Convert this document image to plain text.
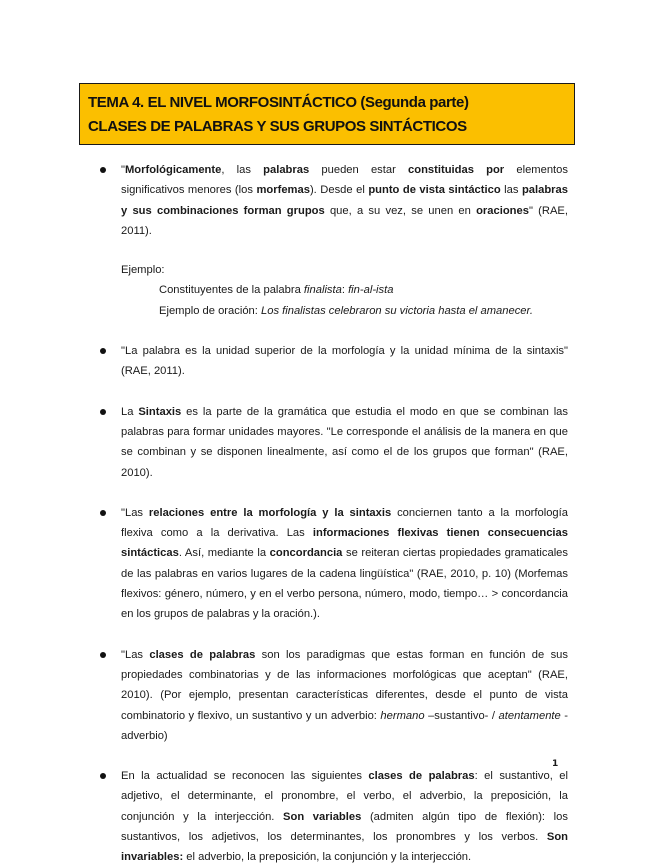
TEMA 4. EL NIVEL MORFOSINTÁCTICO (Segunda parte)
CLASES DE PALABRAS Y SUS GRUPOS SINTÁCTICOS
"Morfológicamente, las palabras pueden estar constituidas por elementos significativos menores (los morfemas). Desde el punto de vista sintáctico las palabras y sus combinaciones forman grupos que, a su vez, se unen en oraciones" (RAE, 2011).
Ejemplo:
Constituyentes de la palabra finalista: fin-al-ista
Ejemplo de oración: Los finalistas celebraron su victoria hasta el amanecer.
"La palabra es la unidad superior de la morfología y la unidad mínima de la sintaxis" (RAE, 2011).
La Sintaxis es la parte de la gramática que estudia el modo en que se combinan las palabras para formar unidades mayores. "Le corresponde el análisis de la manera en que se combinan y se disponen linealmente, así como el de los grupos que forman" (RAE, 2010).
"Las relaciones entre la morfología y la sintaxis conciernen tanto a la morfología flexiva como a la derivativa. Las informaciones flexivas tienen consecuencias sintácticas. Así, mediante la concordancia se reiteran ciertas propiedades gramaticales de las palabras en varios lugares de la cadena lingüística" (RAE, 2010, p. 10) (Morfemas flexivos: género, número, y en el verbo persona, número, modo, tiempo… > concordancia en los grupos de palabras y la oración.).
"Las clases de palabras son los paradigmas que estas forman en función de sus propiedades combinatorias y de las informaciones morfológicas que aceptan" (RAE, 2010). (Por ejemplo, presentan características diferentes, desde el punto de vista combinatorio y flexivo, un sustantivo y un adverbio: hermano –sustantivo- / atentamente -adverbio)
En la actualidad se reconocen las siguientes clases de palabras: el sustantivo, el adjetivo, el determinante, el pronombre, el verbo, el adverbio, la preposición, la conjunción y la interjección. Son variables (admiten algún tipo de flexión): los sustantivos, los adjetivos, los determinantes, los pronombres y los verbos. Son invariables: el adverbio, la preposición, la conjunción y la interjección.
1
